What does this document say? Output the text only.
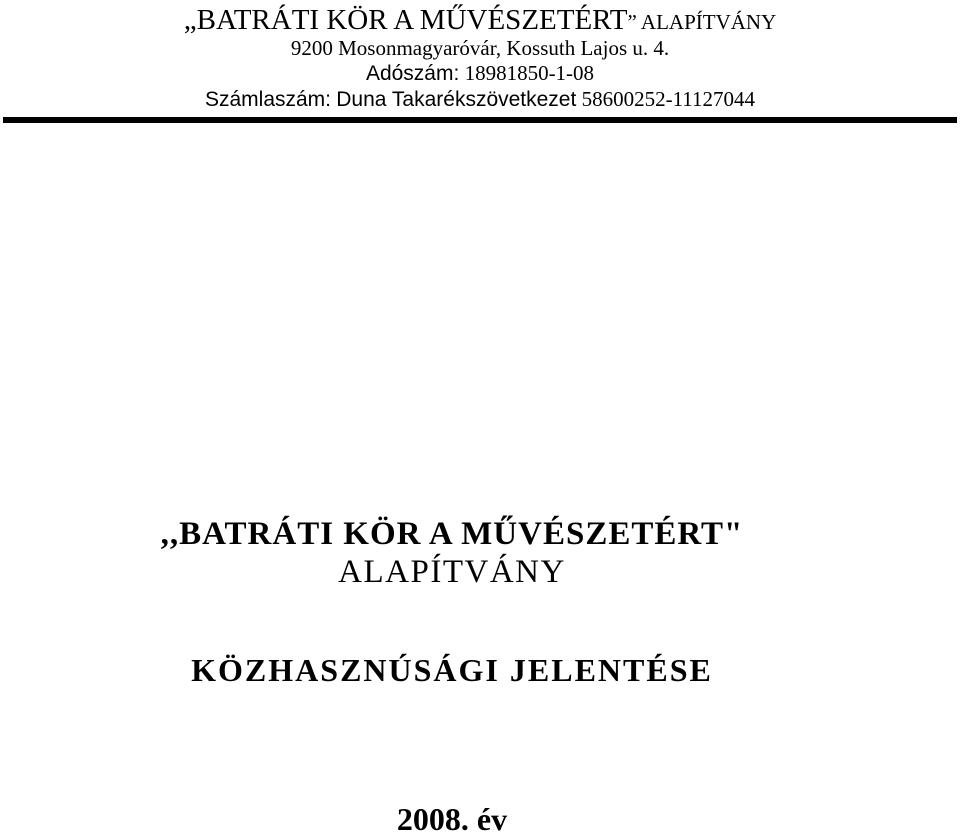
„BATRÁTI KÖR A MŰVÉSZETÉRT” ALAPÍTVÁNY
9200 Mosonmagyaróvár, Kossuth Lajos u. 4.
Adószám: 18981850-1-08
Számlaszám: Duna Takarékszövetkezet 58600252-11127044
,,BATRÁTI KÖR A MŰVÉSZETÉRT"
ALAPÍTVÁNY
KÖZHASZNÚSÁGI JELENTÉSE
2008. év
